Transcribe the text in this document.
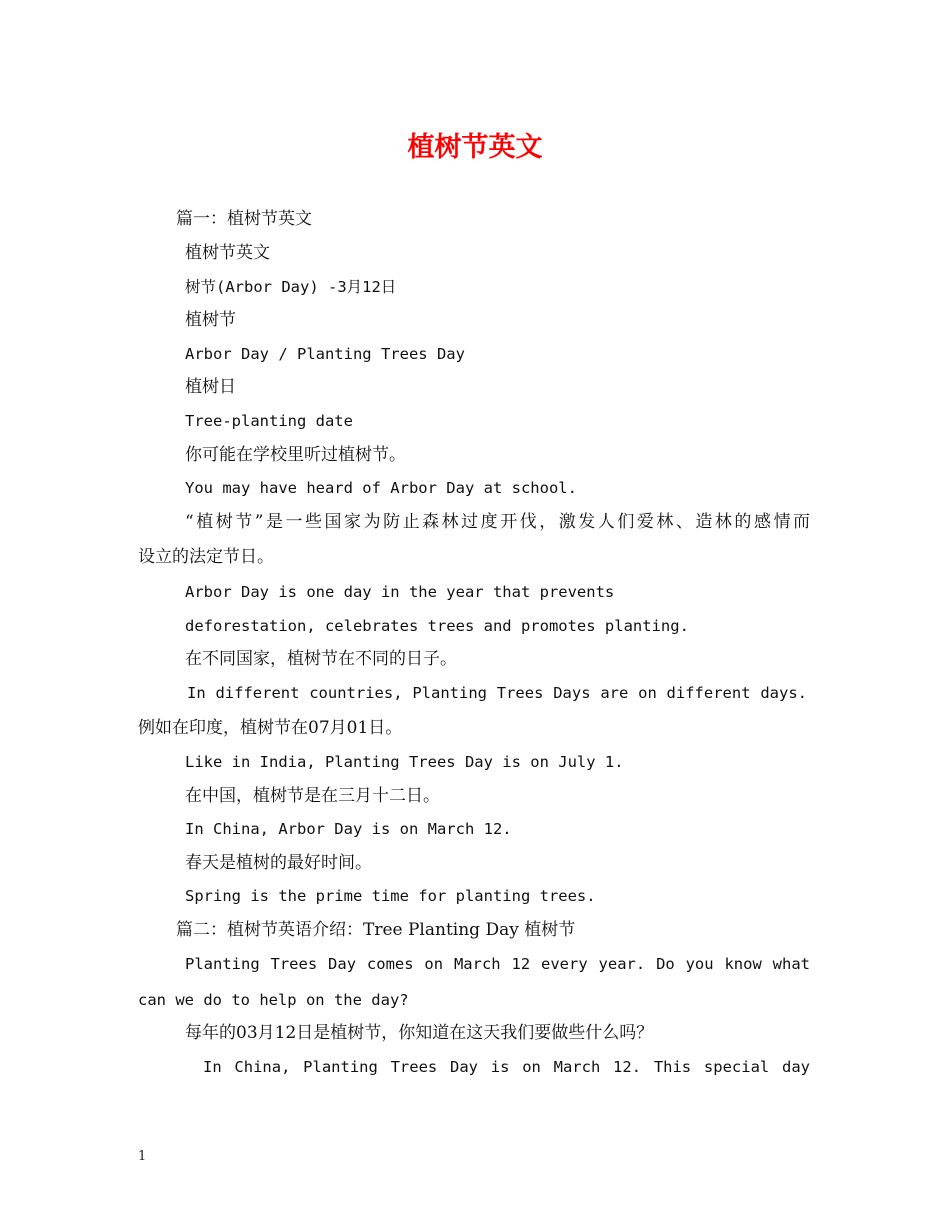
植树节英文
篇一：植树节英文
植树节英文
树节(Arbor Day) -3月12日
植树节
Arbor Day / Planting Trees Day
植树日
Tree-planting date
你可能在学校里听过植树节。
You may have heard of Arbor Day at school.
“植树节”是一些国家为防止森林过度开伐，激发人们爱林、造林的感情而
设立的法定节日。
Arbor Day is one day in the year that prevents
deforestation, celebrates trees and promotes planting.
在不同国家，植树节在不同的日子。
In different countries, Planting Trees Days are on different days.
例如在印度，植树节在07月01日。
Like in India, Planting Trees Day is on July 1.
在中国，植树节是在三月十二日。
In China, Arbor Day is on March 12.
春天是植树的最好时间。
Spring is the prime time for planting trees.
篇二：植树节英语介绍：Tree Planting Day 植树节
Planting Trees Day comes on March 12 every year. Do you know what
can we do to help on the day?
每年的03月12日是植树节，你知道在这天我们要做些什么吗？
In China, Planting Trees Day is on March 12. This special day
1
